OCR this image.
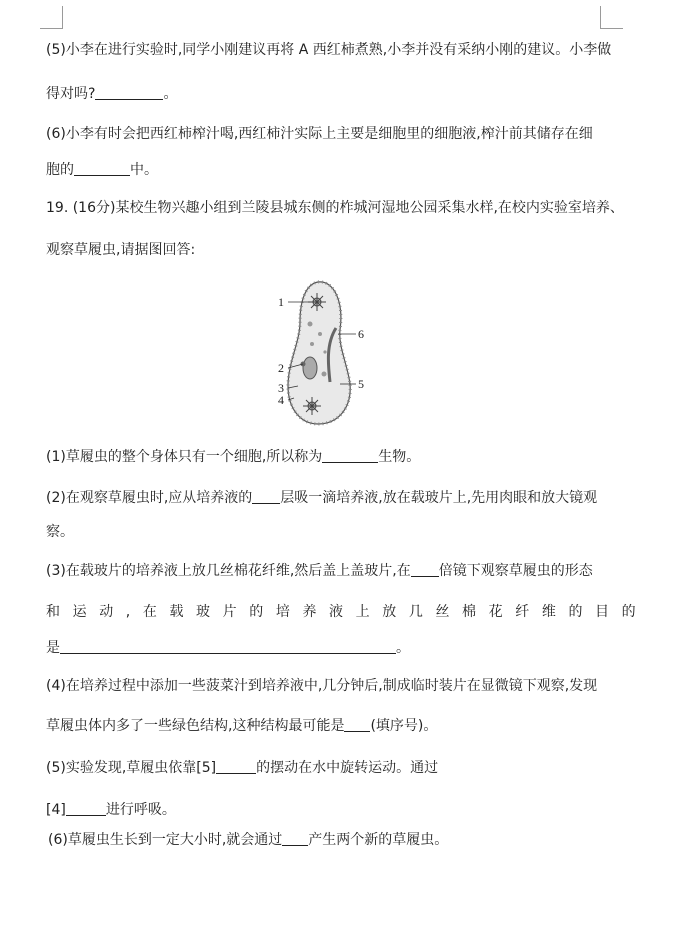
(5)小李在进行实验时,同学小刚建议再将 A 西红柿煮熟,小李并没有采纳小刚的建议。小李做
得对吗?	。
(6)小李有时会把西红柿榨汁喝,西红柿汁实际上主要是细胞里的细胞液,榨汁前其储存在细
胞的	中。
19. (16分)某校生物兴趣小组到兰陵县城东侧的柞城河湿地公园采集水样,在校内实验室培养、
观察草履虫,请据图回答:
1
6
2
3
4
5
(1)草履虫的整个身体只有一个细胞,所以称为	生物。
(2)在观察草履虫时,应从培养液的 层吸一滴培养液,放在载玻片上,先用肉眼和放大镜观
察。
(3)在载玻片的培养液上放几丝棉花纤维,然后盖上盖玻片,在 倍镜下观察草履虫的形态
和运动,在载玻片的培养液上放几丝棉花纤维的目的
是	。
(4)在培养过程中添加一些菠菜汁到培养液中,几分钟后,制成临时装片在显微镜下观察,发现
草履虫体内多了一些绿色结构,这种结构最可能是 (填序号)。
(5)实验发现,草履虫依靠[5]	的摆动在水中旋转运动。通过
[4]	进行呼吸。
(6)草履虫生长到一定大小时,就会通过 产生两个新的草履虫。
